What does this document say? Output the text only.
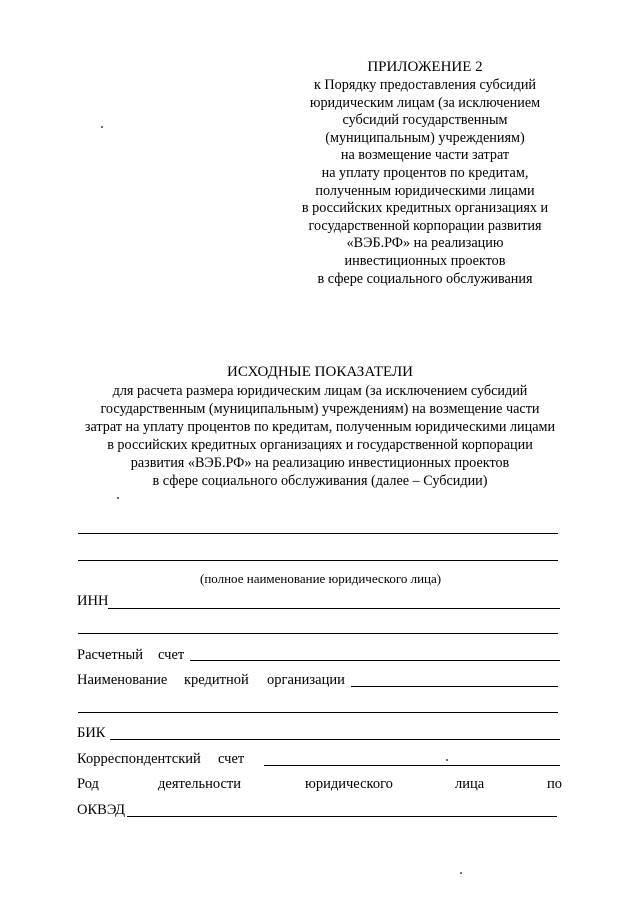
ПРИЛОЖЕНИЕ 2
к Порядку предоставления субсидий
юридическим лицам (за исключением
субсидий государственным
(муниципальным) учреждениям)
на возмещение части затрат
на уплату процентов по кредитам,
полученным юридическими лицами
в российских кредитных организациях и
государственной корпорации развития
«ВЭБ.РФ» на реализацию
инвестиционных проектов
в сфере социального обслуживания
ИСХОДНЫЕ ПОКАЗАТЕЛИ
для расчета размера юридическим лицам (за исключением субсидий
государственным (муниципальным) учреждениям) на возмещение части
затрат на уплату процентов по кредитам, полученным юридическими лицами
в российских кредитных организациях и государственной корпорации
развития «ВЭБ.РФ» на реализацию инвестиционных проектов
в сфере социального обслуживания (далее – Субсидии)
(полное наименование юридического лица)
ИНН
Расчетный счет
Наименование кредитной организации
БИК
Корреспондентский счет
Род	деятельности	юридического	лица	по
ОКВЭД
